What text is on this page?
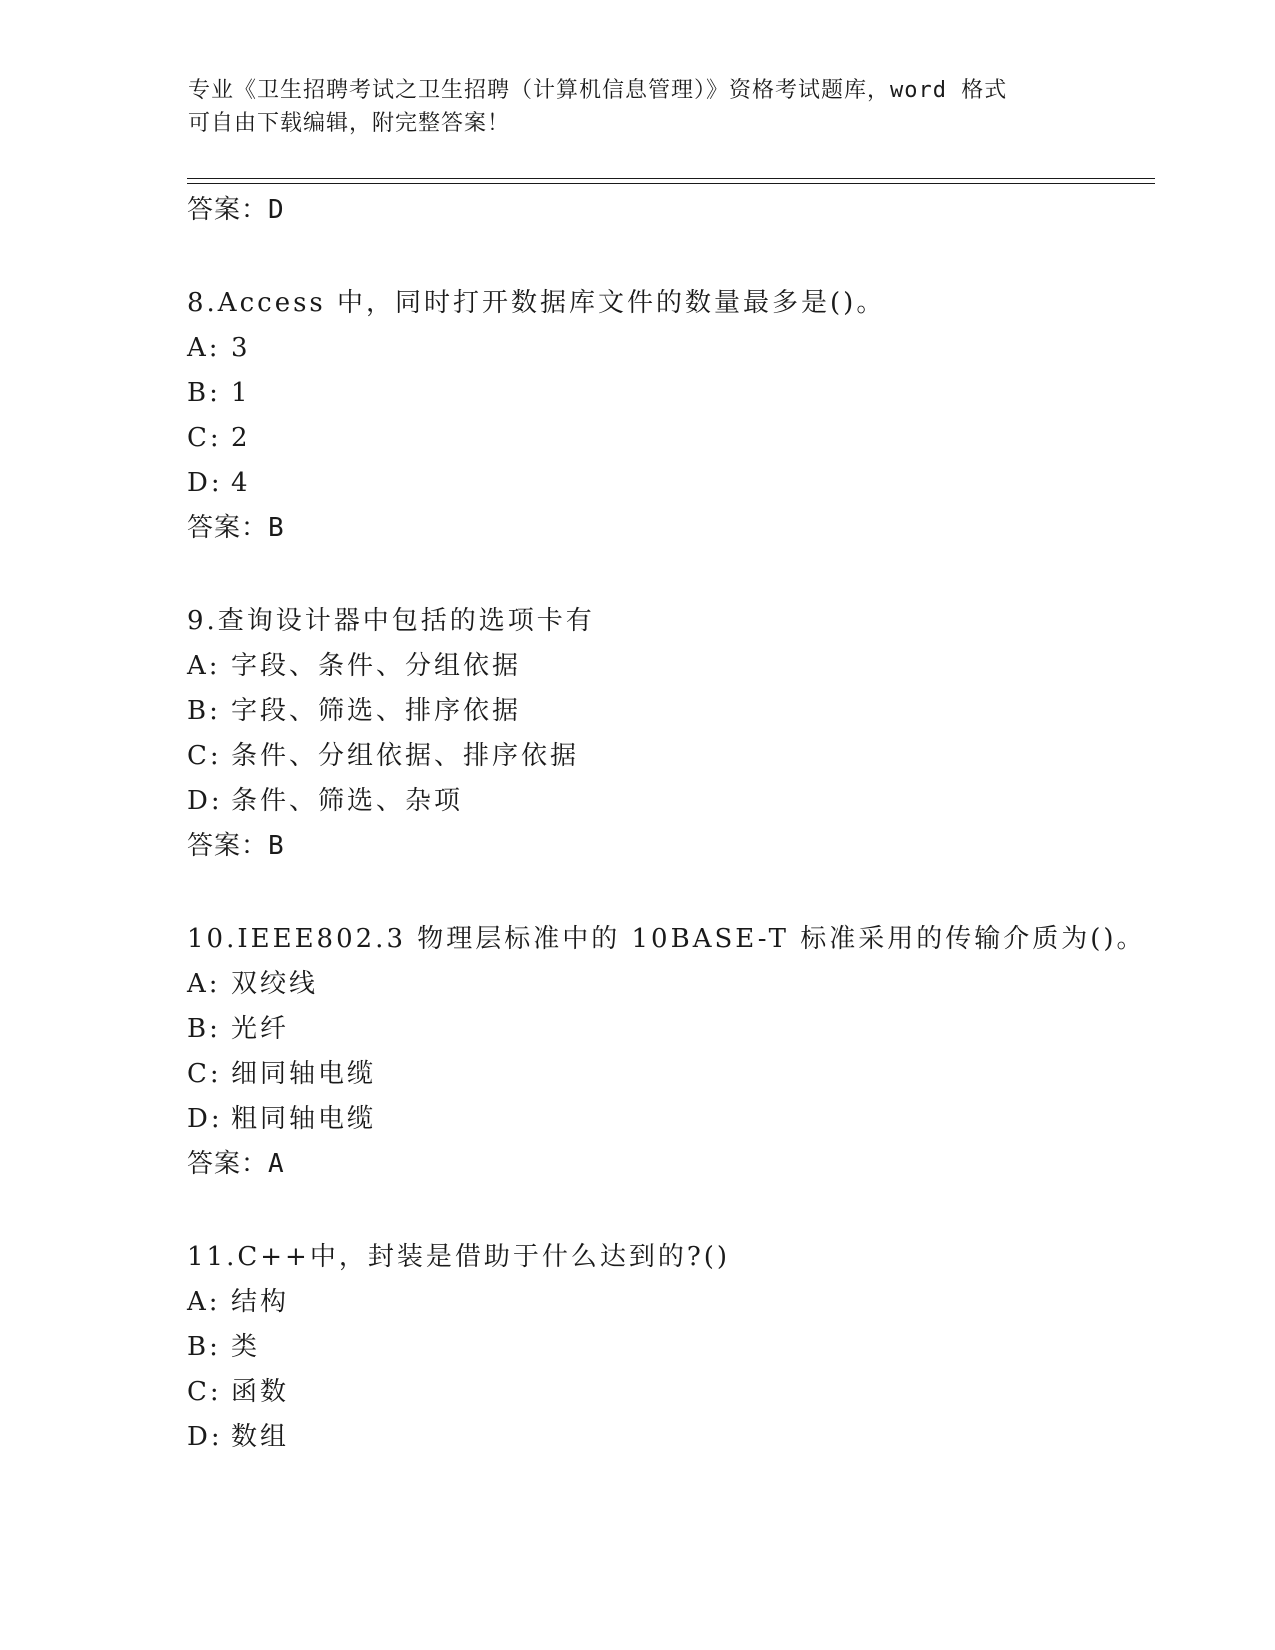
专业《卫生招聘考试之卫生招聘（计算机信息管理）》资格考试题库，word 格式
可自由下载编辑，附完整答案！
答案：D
8.Access 中，同时打开数据库文件的数量最多是()。
A: 3
B: 1
C: 2
D: 4
答案：B
9.查询设计器中包括的选项卡有
A: 字段、条件、分组依据
B: 字段、筛选、排序依据
C: 条件、分组依据、排序依据
D: 条件、筛选、杂项
答案：B
10.IEEE802.3 物理层标准中的 10BASE-T 标准采用的传输介质为()。
A: 双绞线
B: 光纤
C: 细同轴电缆
D: 粗同轴电缆
答案：A
11.C++中，封装是借助于什么达到的?()
A: 结构
B: 类
C: 函数
D: 数组
